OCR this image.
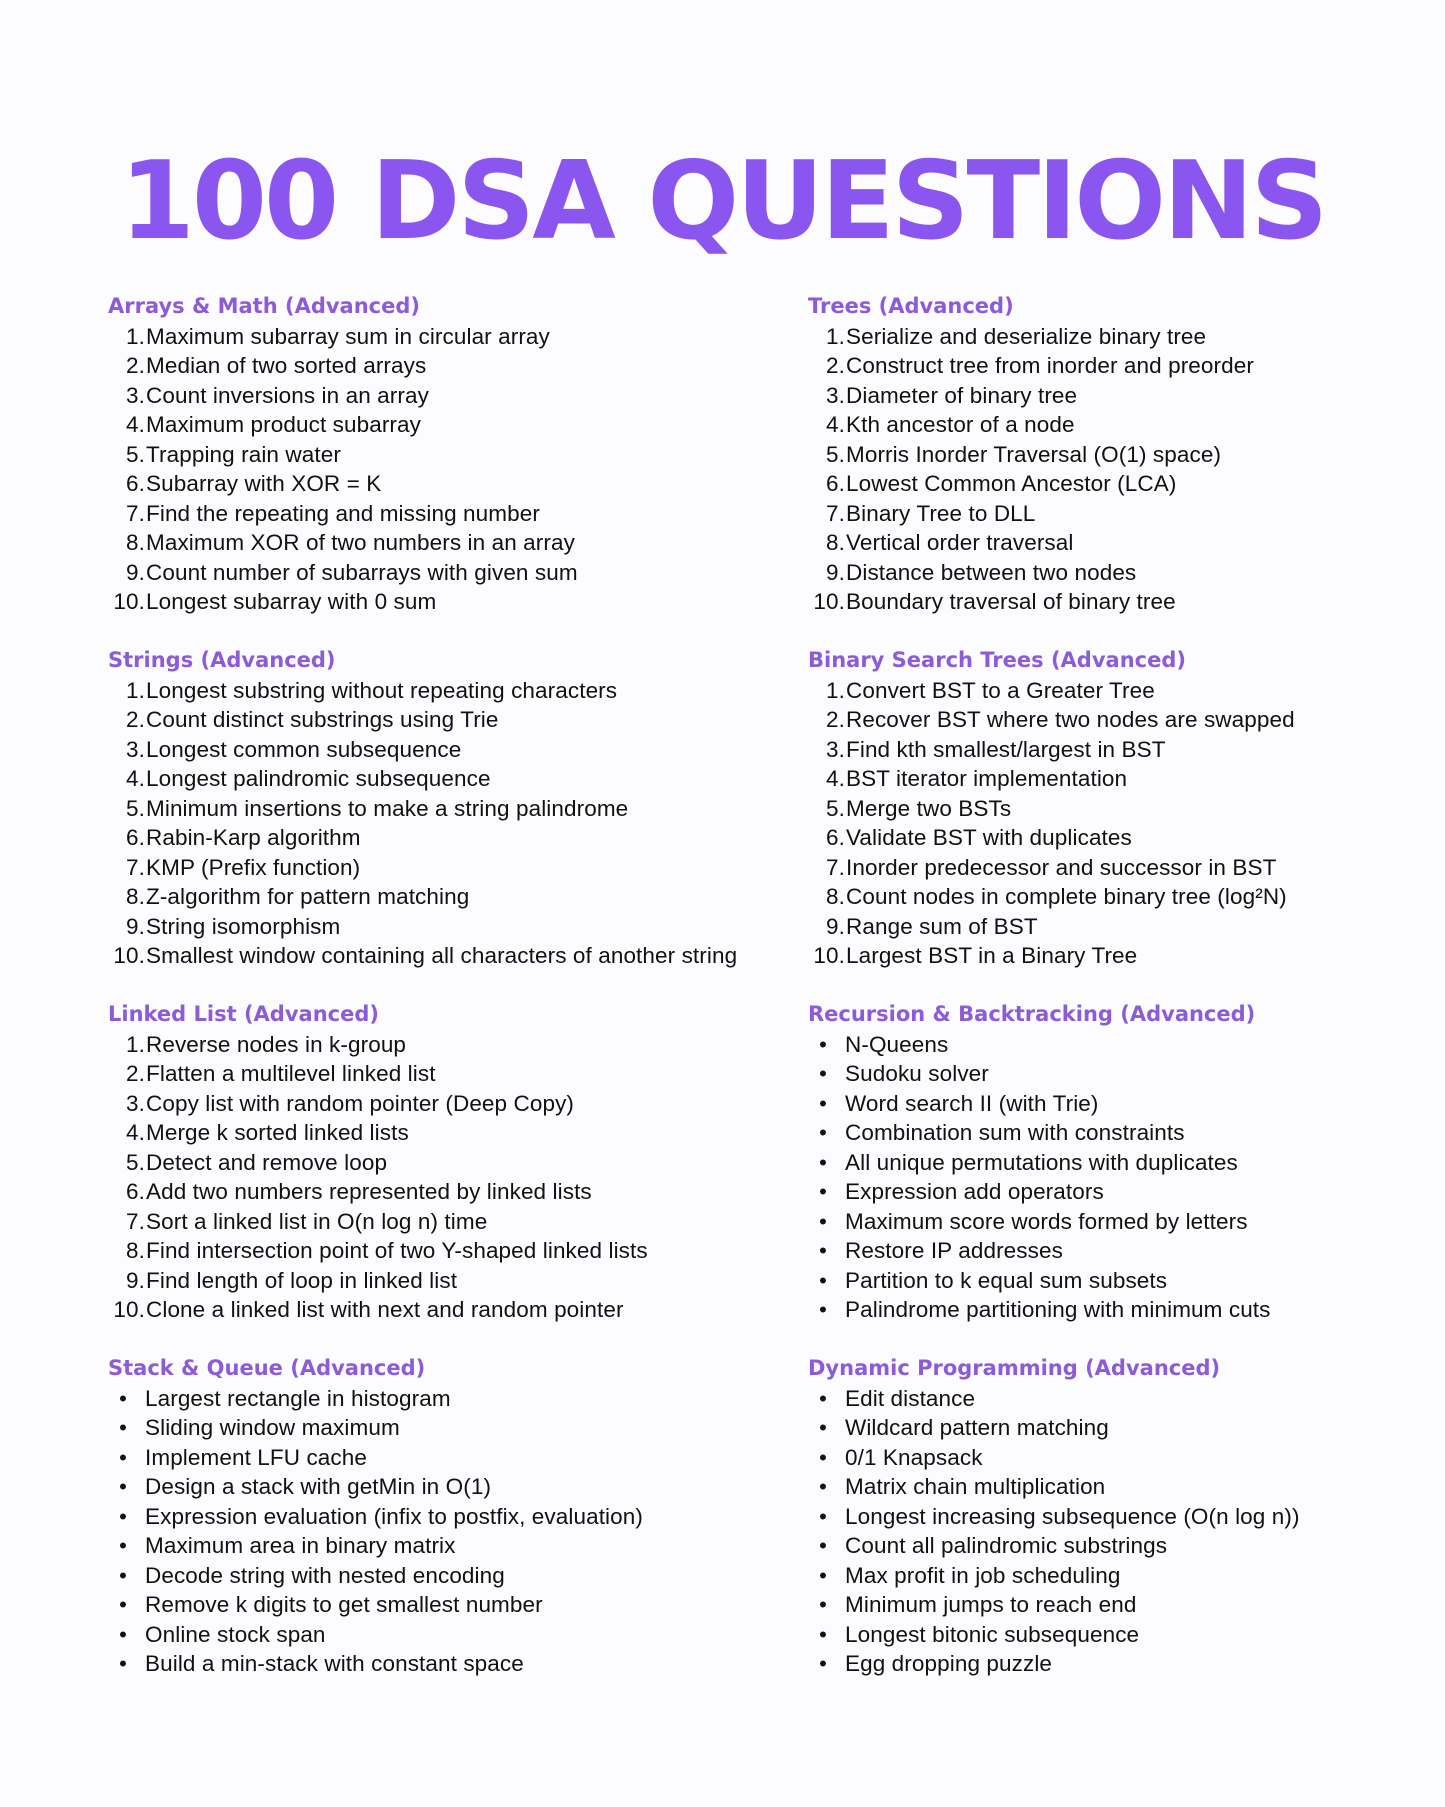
100 DSA QUESTIONS
Arrays & Math (Advanced)
1. Maximum subarray sum in circular array
2. Median of two sorted arrays
3. Count inversions in an array
4. Maximum product subarray
5. Trapping rain water
6. Subarray with XOR = K
7. Find the repeating and missing number
8. Maximum XOR of two numbers in an array
9. Count number of subarrays with given sum
10. Longest subarray with 0 sum
Strings (Advanced)
1. Longest substring without repeating characters
2. Count distinct substrings using Trie
3. Longest common subsequence
4. Longest palindromic subsequence
5. Minimum insertions to make a string palindrome
6. Rabin-Karp algorithm
7. KMP (Prefix function)
8. Z-algorithm for pattern matching
9. String isomorphism
10. Smallest window containing all characters of another string
Linked List (Advanced)
1. Reverse nodes in k-group
2. Flatten a multilevel linked list
3. Copy list with random pointer (Deep Copy)
4. Merge k sorted linked lists
5. Detect and remove loop
6. Add two numbers represented by linked lists
7. Sort a linked list in O(n log n) time
8. Find intersection point of two Y-shaped linked lists
9. Find length of loop in linked list
10. Clone a linked list with next and random pointer
Stack & Queue (Advanced)
• Largest rectangle in histogram
• Sliding window maximum
• Implement LFU cache
• Design a stack with getMin in O(1)
• Expression evaluation (infix to postfix, evaluation)
• Maximum area in binary matrix
• Decode string with nested encoding
• Remove k digits to get smallest number
• Online stock span
• Build a min-stack with constant space
Trees (Advanced)
1. Serialize and deserialize binary tree
2. Construct tree from inorder and preorder
3. Diameter of binary tree
4. Kth ancestor of a node
5. Morris Inorder Traversal (O(1) space)
6. Lowest Common Ancestor (LCA)
7. Binary Tree to DLL
8. Vertical order traversal
9. Distance between two nodes
10. Boundary traversal of binary tree
Binary Search Trees (Advanced)
1. Convert BST to a Greater Tree
2. Recover BST where two nodes are swapped
3. Find kth smallest/largest in BST
4. BST iterator implementation
5. Merge two BSTs
6. Validate BST with duplicates
7. Inorder predecessor and successor in BST
8. Count nodes in complete binary tree (log²N)
9. Range sum of BST
10. Largest BST in a Binary Tree
Recursion & Backtracking (Advanced)
• N-Queens
• Sudoku solver
• Word search II (with Trie)
• Combination sum with constraints
• All unique permutations with duplicates
• Expression add operators
• Maximum score words formed by letters
• Restore IP addresses
• Partition to k equal sum subsets
• Palindrome partitioning with minimum cuts
Dynamic Programming (Advanced)
• Edit distance
• Wildcard pattern matching
• 0/1 Knapsack
• Matrix chain multiplication
• Longest increasing subsequence (O(n log n))
• Count all palindromic substrings
• Max profit in job scheduling
• Minimum jumps to reach end
• Longest bitonic subsequence
• Egg dropping puzzle
